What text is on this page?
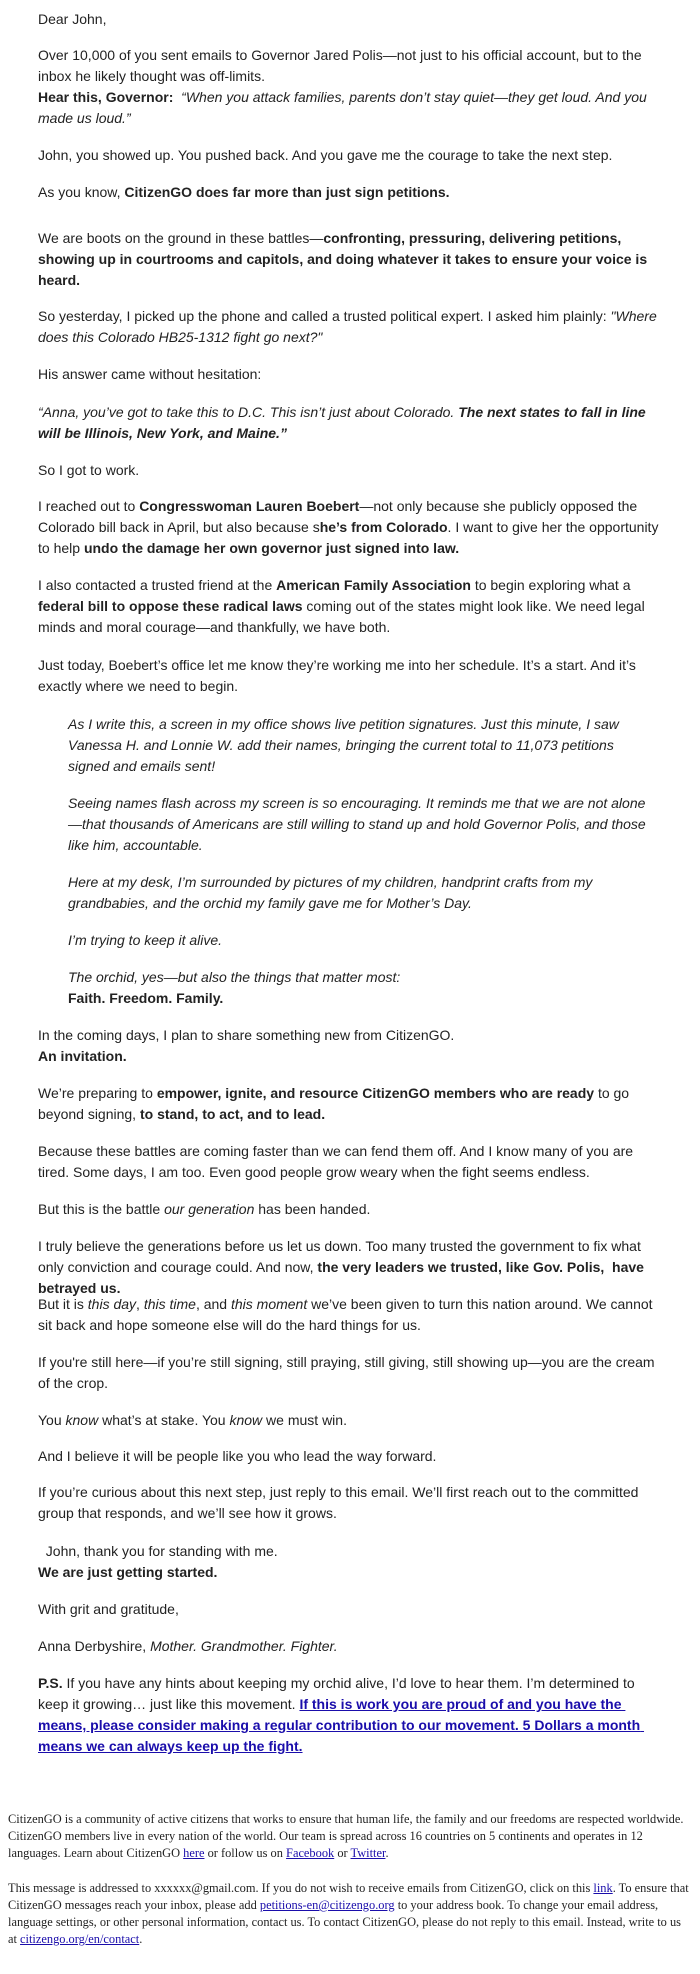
Dear John,

Over 10,000 of you sent emails to Governor Jared Polis—not just to his official account, but to the inbox he likely thought was off-limits.

Hear this, Governor: “When you attack families, parents don’t stay quiet—they get loud. And you made us loud.”

John, you showed up. You pushed back. And you gave me the courage to take the next step.

As you know, CitizenGO does far more than just sign petitions.

We are boots on the ground in these battles—confronting, pressuring, delivering petitions, showing up in courtrooms and capitols, and doing whatever it takes to ensure your voice is heard.

So yesterday, I picked up the phone and called a trusted political expert. I asked him plainly: "Where does this Colorado HB25-1312 fight go next?"

His answer came without hesitation:

“Anna, you’ve got to take this to D.C. This isn’t just about Colorado. The next states to fall in line will be Illinois, New York, and Maine.”

So I got to work.

I reached out to Congresswoman Lauren Boebert—not only because she publicly opposed the Colorado bill back in April, but also because she’s from Colorado. I want to give her the opportunity to help undo the damage her own governor just signed into law.

I also contacted a trusted friend at the American Family Association to begin exploring what a federal bill to oppose these radical laws coming out of the states might look like. We need legal minds and moral courage—and thankfully, we have both.

Just today, Boebert’s office let me know they’re working me into her schedule. It’s a start. And it’s exactly where we need to begin.

As I write this, a screen in my office shows live petition signatures. Just this minute, I saw Vanessa H. and Lonnie W. add their names, bringing the current total to 11,073 petitions signed and emails sent!

Seeing names flash across my screen is so encouraging. It reminds me that we are not alone—that thousands of Americans are still willing to stand up and hold Governor Polis, and those like him, accountable.

Here at my desk, I’m surrounded by pictures of my children, handprint crafts from my grandbabies, and the orchid my family gave me for Mother’s Day.

I’m trying to keep it alive.

The orchid, yes—but also the things that matter most:

Faith. Freedom. Family.

In the coming days, I plan to share something new from CitizenGO.

An invitation.

We’re preparing to empower, ignite, and resource CitizenGO members who are ready to go beyond signing, to stand, to act, and to lead.

Because these battles are coming faster than we can fend them off. And I know many of you are tired. Some days, I am too. Even good people grow weary when the fight seems endless.

But this is the battle our generation has been handed.

I truly believe the generations before us let us down. Too many trusted the government to fix what only conviction and courage could. And now, the very leaders we trusted, like Gov. Polis,  have betrayed us.

But it is this day, this time, and this moment we’ve been given to turn this nation around. We cannot sit back and hope someone else will do the hard things for us.

If you're still here—if you’re still signing, still praying, still giving, still showing up—you are the cream of the crop.

You know what’s at stake. You know we must win.

And I believe it will be people like you who lead the way forward.

If you’re curious about this next step, just reply to this email. We’ll first reach out to the committed group that responds, and we’ll see how it grows.

John, thank you for standing with me.

We are just getting started.

With grit and gratitude,

Anna Derbyshire, Mother. Grandmother. Fighter.

P.S. If you have any hints about keeping my orchid alive, I’d love to hear them. I’m determined to keep it growing… just like this movement. If this is work you are proud of and you have the means, please consider making a regular contribution to our movement. 5 Dollars a month means we can always keep up the fight.

CitizenGO is a community of active citizens that works to ensure that human life, the family and our freedoms are respected worldwide. CitizenGO members live in every nation of the world. Our team is spread across 16 countries on 5 continents and operates in 12 languages. Learn about CitizenGO here or follow us on Facebook or Twitter.

This message is addressed to xxxxxx@gmail.com. If you do not wish to receive emails from CitizenGO, click on this link. To ensure that CitizenGO messages reach your inbox, please add petitions-en@citizengo.org to your address book. To change your email address, language settings, or other personal information, contact us. To contact CitizenGO, please do not reply to this email. Instead, write to us at citizengo.org/en/contact.
